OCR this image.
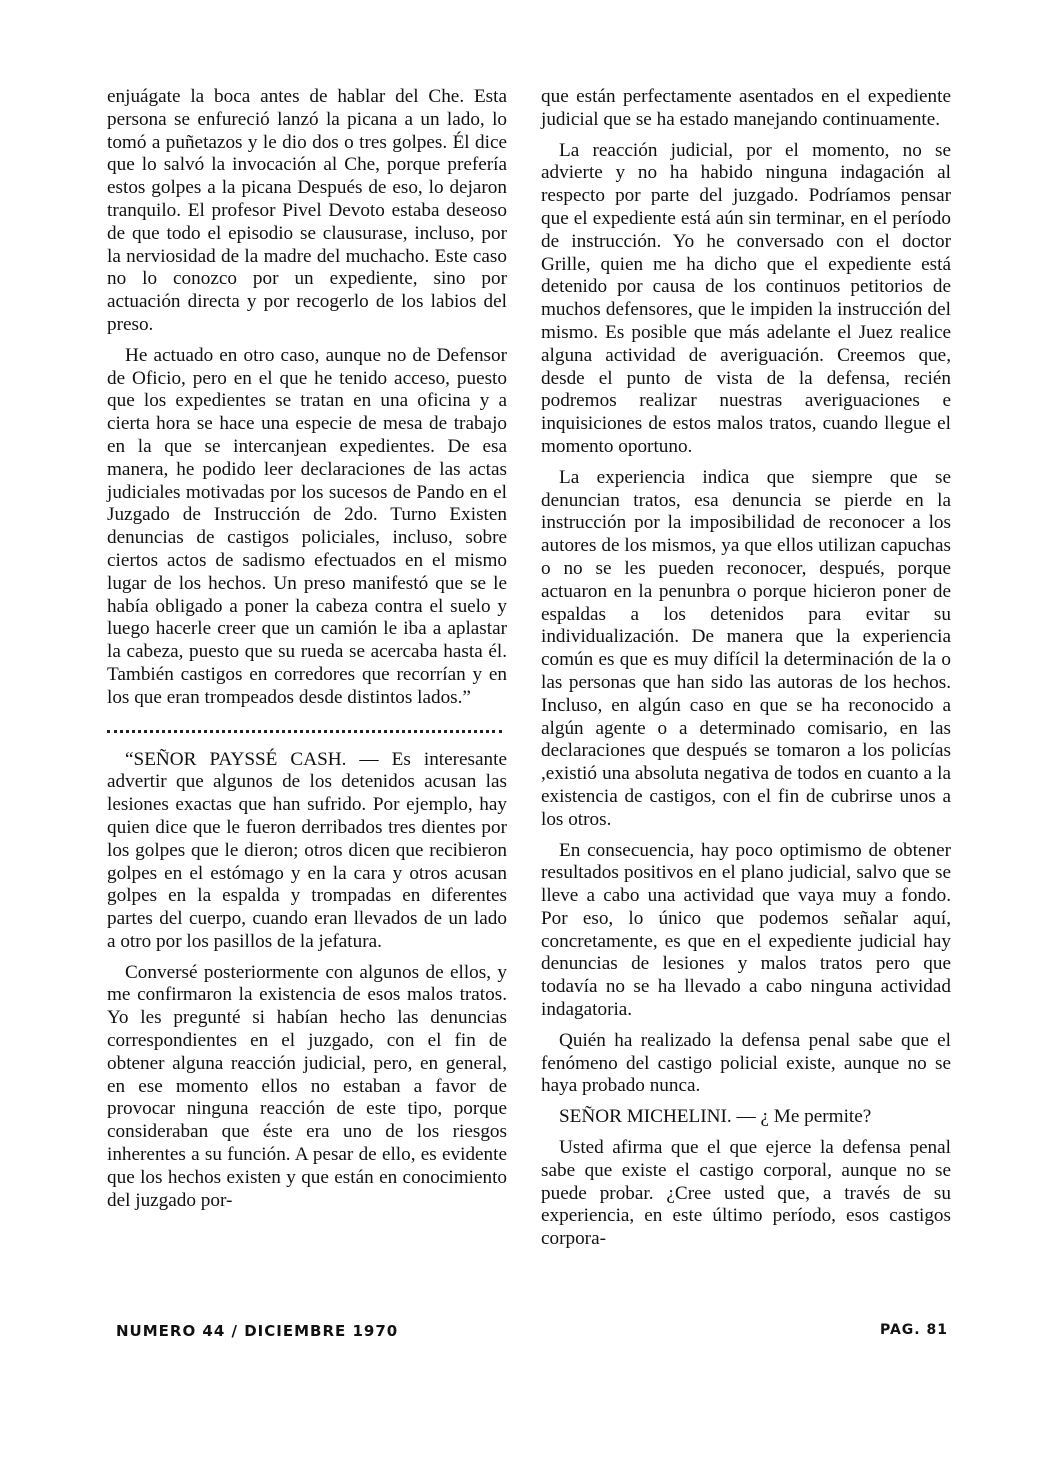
enjuágate la boca antes de hablar del Che. Esta persona se enfureció lanzó la picana a un lado, lo tomó a puñetazos y le dio dos o tres golpes. Él dice que lo salvó la invocación al Che, porque prefería estos golpes a la picana Después de eso, lo dejaron tranquilo. El profesor Pivel Devoto estaba deseoso de que todo el episodio se clausurase, incluso, por la nerviosidad de la madre del muchacho. Este caso no lo conozco por un expediente, sino por actuación directa y por recogerlo de los labios del preso.

He actuado en otro caso, aunque no de Defensor de Oficio, pero en el que he tenido acceso, puesto que los expedientes se tratan en una oficina y a cierta hora se hace una especie de mesa de trabajo en la que se intercanjean expedientes. De esa manera, he podido leer declaraciones de las actas judiciales motivadas por los sucesos de Pando en el Juzgado de Instrucción de 2do. Turno Existen denuncias de castigos policiales, incluso, sobre ciertos actos de sadismo efectuados en el mismo lugar de los hechos. Un preso manifestó que se le había obligado a poner la cabeza contra el suelo y luego hacerle creer que un camión le iba a aplastar la cabeza, puesto que su rueda se acercaba hasta él. También castigos en corredores que recorrían y en los que eran trompeados desde distintos lados.”

“SEÑOR PAYSSÉ CASH. — Es interesante advertir que algunos de los detenidos acusan las lesiones exactas que han sufrido. Por ejemplo, hay quien dice que le fueron derribados tres dientes por los golpes que le dieron; otros dicen que recibieron golpes en el estómago y en la cara y otros acusan golpes en la espalda y trompadas en diferentes partes del cuerpo, cuando eran llevados de un lado a otro por los pasillos de la jefatura.

Conversé posteriormente con algunos de ellos, y me confirmaron la existencia de esos malos tratos. Yo les pregunté si habían hecho las denuncias correspondientes en el juzgado, con el fin de obtener alguna reacción judicial, pero, en general, en ese momento ellos no estaban a favor de provocar ninguna reacción de este tipo, porque consideraban que éste era uno de los riesgos inherentes a su función. A pesar de ello, es evidente que los hechos existen y que están en conocimiento del juzgado por-

que están perfectamente asentados en el expediente judicial que se ha estado manejando continuamente.

La reacción judicial, por el momento, no se advierte y no ha habido ninguna indagación al respecto por parte del juzgado. Podríamos pensar que el expediente está aún sin terminar, en el período de instrucción. Yo he conversado con el doctor Grille, quien me ha dicho que el expediente está detenido por causa de los continuos petitorios de muchos defensores, que le impiden la instrucción del mismo. Es posible que más adelante el Juez realice alguna actividad de averiguación. Creemos que, desde el punto de vista de la defensa, recién podremos realizar nuestras averiguaciones e inquisiciones de estos malos tratos, cuando llegue el momento oportuno.

La experiencia indica que siempre que se denuncian tratos, esa denuncia se pierde en la instrucción por la imposibilidad de reconocer a los autores de los mismos, ya que ellos utilizan capuchas o no se les pueden reconocer, después, porque actuaron en la penunbra o porque hicieron poner de espaldas a los detenidos para evitar su individualización. De manera que la experiencia común es que es muy difícil la determinación de la o las personas que han sido las autoras de los hechos. Incluso, en algún caso en que se ha reconocido a algún agente o a determinado comisario, en las declaraciones que después se tomaron a los policías ,existió una absoluta negativa de todos en cuanto a la existencia de castigos, con el fin de cubrirse unos a los otros.

En consecuencia, hay poco optimismo de obtener resultados positivos en el plano judicial, salvo que se lleve a cabo una actividad que vaya muy a fondo. Por eso, lo único que podemos señalar aquí, concretamente, es que en el expediente judicial hay denuncias de lesiones y malos tratos pero que todavía no se ha llevado a cabo ninguna actividad indagatoria.

Quién ha realizado la defensa penal sabe que el fenómeno del castigo policial existe, aunque no se haya probado nunca.

SEÑOR MICHELINI. — ¿ Me permite?

Usted afirma que el que ejerce la defensa penal sabe que existe el castigo corporal, aunque no se puede probar. ¿Cree usted que, a través de su experiencia, en este último período, esos castigos corpora-

NUMERO 44 / DICIEMBRE 1970	PAG. 81
